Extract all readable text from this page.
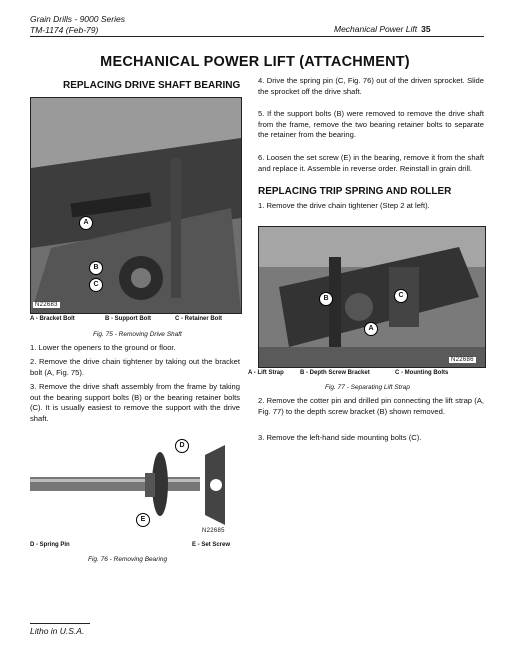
Grain Drills - 9000 Series
TM-1174 (Feb-79)	Mechanical Power Lift 35
MECHANICAL POWER LIFT (ATTACHMENT)
REPLACING DRIVE SHAFT BEARING
A
B
C
N22683
A - Bracket Bolt	B - Support Bolt	C - Retainer Bolt
Fig. 75 - Removing Drive Shaft

1. Lower the openers to the ground or floor.

2. Remove the drive chain tightener by taking out the bracket bolt (A, Fig. 75).

3. Remove the drive shaft assembly from the frame by taking out the bearing support bolts (B) or the bearing retainer bolts (C). It is usually easiest to remove the support with the drive shaft.

D
E
N22685
D - Spring Pin	E - Set Screw
Fig. 76 - Removing Bearing

4. Drive the spring pin (C, Fig. 76) out of the driven sprocket. Slide the sprocket off the drive shaft.

5. If the support bolts (B) were removed to remove the drive shaft from the frame, remove the two bearing retainer bolts to separate the retainer from the bearing.

6. Loosen the set screw (E) in the bearing, remove it from the shaft and replace it. Assemble in reverse order. Reinstall in grain drill.

REPLACING TRIP SPRING AND ROLLER

1. Remove the drive chain tightener (Step 2 at left).

A
B	C
N22686
A - Lift Strap	B - Depth Screw Bracket	C - Mounting Bolts
Fig. 77 - Separating Lift Strap

2. Remove the cotter pin and drilled pin connecting the lift strap (A, Fig. 77) to the depth screw bracket (B) shown removed.

3. Remove the left-hand side mounting bolts (C).

Litho in U.S.A.
